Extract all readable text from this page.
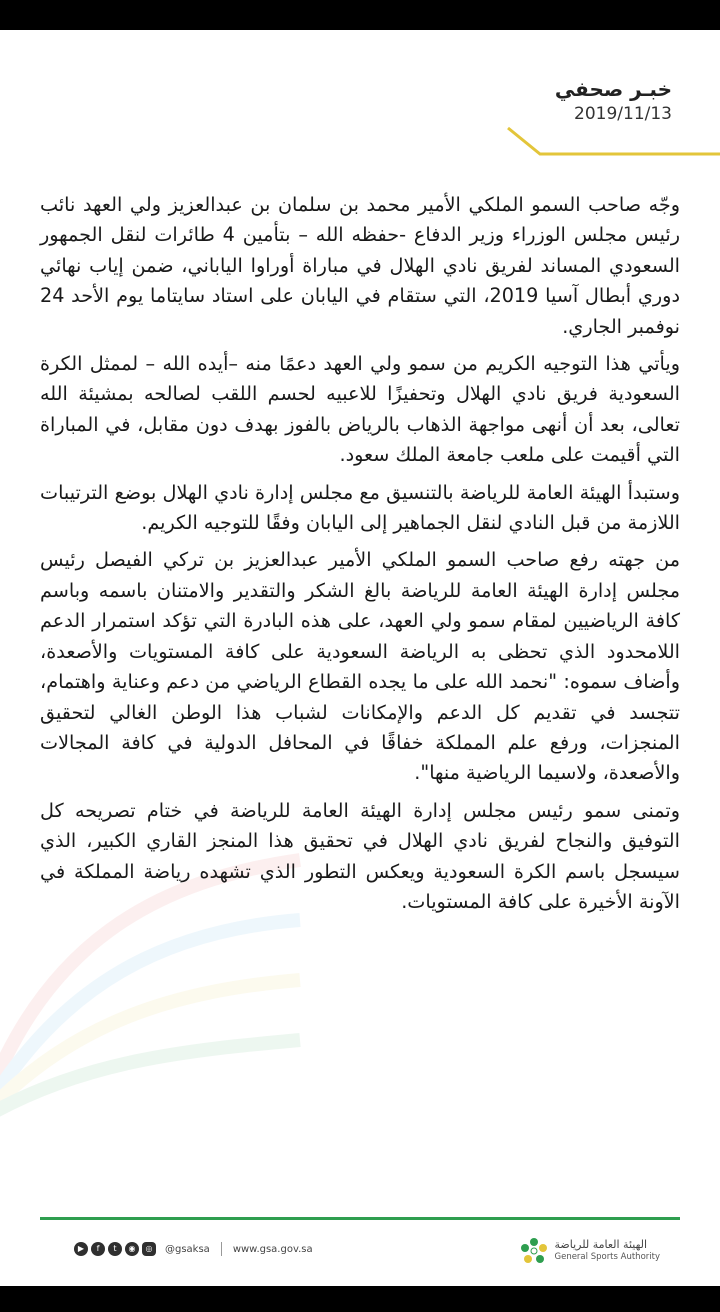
خبـر صحفي
2019/11/13

وجّه صاحب السمو الملكي الأمير محمد بن سلمان بن عبدالعزيز ولي العهد نائب رئيس مجلس الوزراء وزير الدفاع -حفظه الله – بتأمين 4 طائرات لنقل الجمهور السعودي المساند لفريق نادي الهلال في مباراة أوراوا الياباني، ضمن إياب نهائي دوري أبطال آسيا 2019، التي ستقام في اليابان على استاد سايتاما يوم الأحد 24 نوفمبر الجاري.

ويأتي هذا التوجيه الكريم من سمو ولي العهد دعمًا منه –أيده الله – لممثل الكرة السعودية فريق نادي الهلال وتحفيزًا للاعبيه لحسم اللقب لصالحه بمشيئة الله تعالى، بعد أن أنهى مواجهة الذهاب بالرياض بالفوز بهدف دون مقابل، في المباراة التي أقيمت على ملعب جامعة الملك سعود.

وستبدأ الهيئة العامة للرياضة بالتنسيق مع مجلس إدارة نادي الهلال بوضع الترتيبات اللازمة من قبل النادي لنقل الجماهير إلى اليابان وفقًا للتوجيه الكريم.

من جهته رفع صاحب السمو الملكي الأمير عبدالعزيز بن تركي الفيصل رئيس مجلس إدارة الهيئة العامة للرياضة بالغ الشكر والتقدير والامتنان باسمه وباسم كافة الرياضيين لمقام سمو ولي العهد، على هذه البادرة التي تؤكد استمرار الدعم اللامحدود الذي تحظى به الرياضة السعودية على كافة المستويات والأصعدة، وأضاف سموه: "نحمد الله على ما يجده القطاع الرياضي من دعم وعناية واهتمام، تتجسد في تقديم كل الدعم والإمكانات لشباب هذا الوطن الغالي لتحقيق المنجزات، ورفع علم المملكة خفاقًا في المحافل الدولية في كافة المجالات والأصعدة، ولاسيما الرياضية منها".

وتمنى سمو رئيس مجلس إدارة الهيئة العامة للرياضة في ختام تصريحه كل التوفيق والنجاح لفريق نادي الهلال في تحقيق هذا المنجز القاري الكبير، الذي سيسجل باسم الكرة السعودية ويعكس التطور الذي تشهده رياضة المملكة في الآونة الأخيرة على كافة المستويات.

▶	f	t	◉	◎	@gsaksa www.gsa.gov.sa	الهيئة العامة للرياضة
General Sports Authority
